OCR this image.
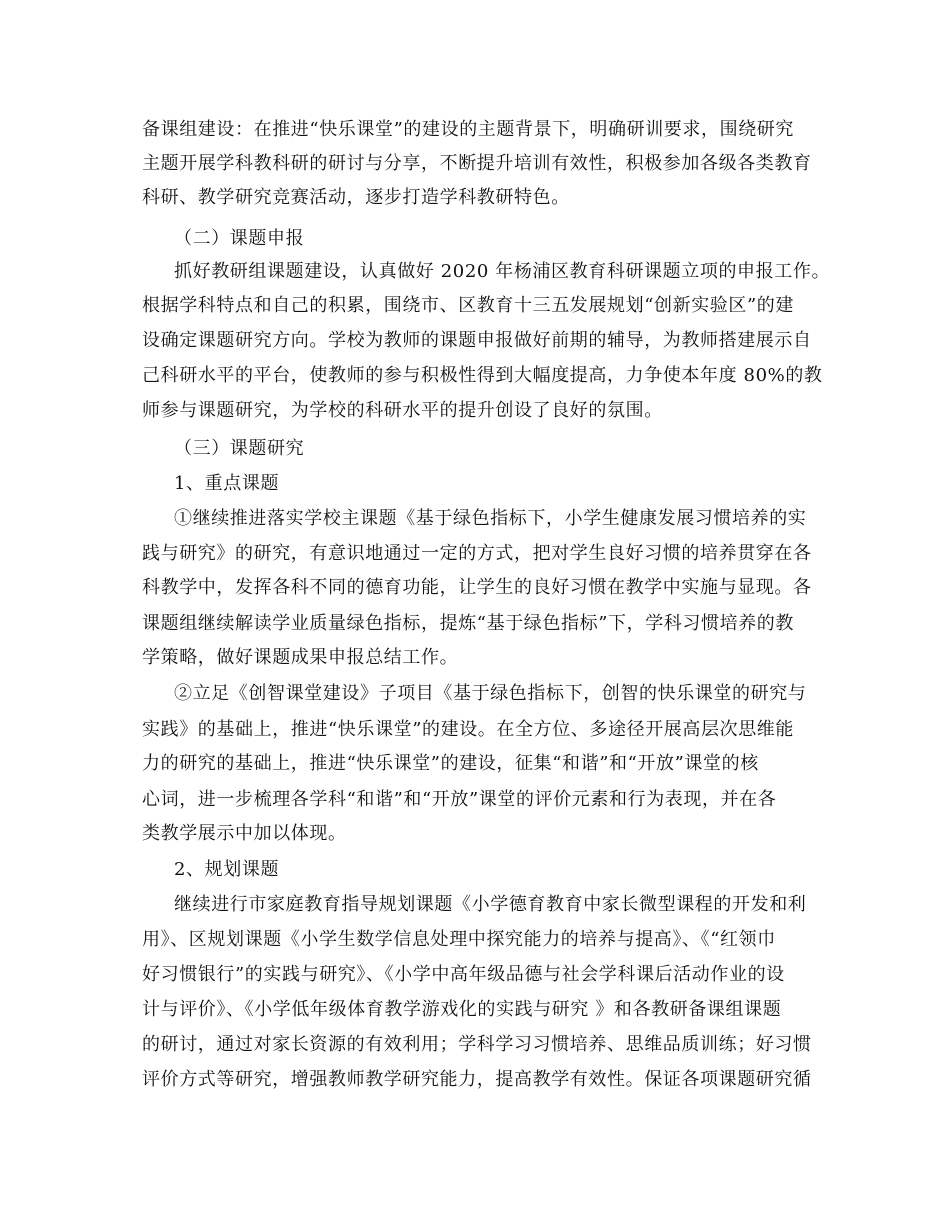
备课组建设：在推进“快乐课堂”的建设的主题背景下，明确研训要求，围绕研究
主题开展学科教科研的研讨与分享，不断提升培训有效性，积极参加各级各类教育
科研、教学研究竞赛活动，逐步打造学科教研特色。
（二）课题申报
抓好教研组课题建设，认真做好 2020 年杨浦区教育科研课题立项的申报工作。
根据学科特点和自己的积累，围绕市、区教育十三五发展规划“创新实验区”的建
设确定课题研究方向。学校为教师的课题申报做好前期的辅导，为教师搭建展示自
己科研水平的平台，使教师的参与积极性得到大幅度提高，力争使本年度 80%的教
师参与课题研究，为学校的科研水平的提升创设了良好的氛围。
（三）课题研究
1、重点课题
①继续推进落实学校主课题《基于绿色指标下，小学生健康发展习惯培养的实
践与研究》的研究，有意识地通过一定的方式，把对学生良好习惯的培养贯穿在各
科教学中，发挥各科不同的德育功能，让学生的良好习惯在教学中实施与显现。各
课题组继续解读学业质量绿色指标，提炼“基于绿色指标”下，学科习惯培养的教
学策略，做好课题成果申报总结工作。
②立足《创智课堂建设》子项目《基于绿色指标下，创智的快乐课堂的研究与
实践》的基础上，推进“快乐课堂”的建设。在全方位、多途径开展高层次思维能
力的研究的基础上，推进“快乐课堂”的建设，征集“和谐”和“开放”课堂的核
心词，进一步梳理各学科“和谐”和“开放”课堂的评价元素和行为表现，并在各
类教学展示中加以体现。
2、规划课题
继续进行市家庭教育指导规划课题《小学德育教育中家长微型课程的开发和利
用》、区规划课题《小学生数学信息处理中探究能力的培养与提高》、《“红领巾
好习惯银行”的实践与研究》、《小学中高年级品德与社会学科课后活动作业的设
计与评价》、《小学低年级体育教学游戏化的实践与研究 》和各教研备课组课题
的研讨，通过对家长资源的有效利用；学科学习习惯培养、思维品质训练；好习惯
评价方式等研究，增强教师教学研究能力，提高教学有效性。保证各项课题研究循
